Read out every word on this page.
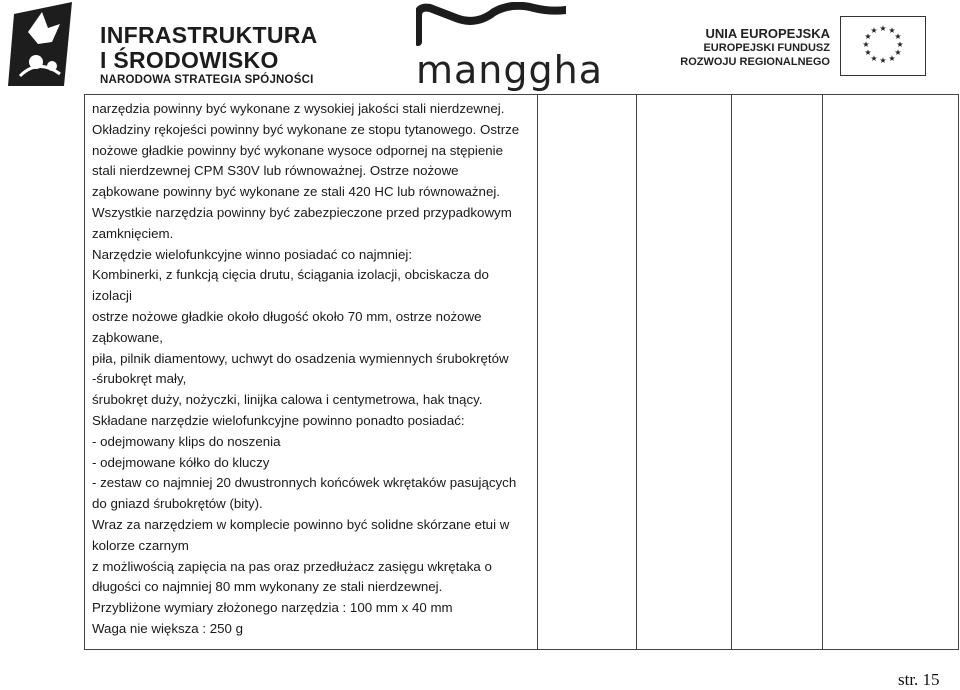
INFRASTRUKTURA
I ŚRODOWISKO
NARODOWA STRATEGIA SPÓJNOŚCI	manggha
UNIA EUROPEJSKA
EUROPEJSKI FUNDUSZ
ROZWOJU REGIONALNEGO
★ ★
★
★
★
★
★
★
★
★
★
★
narzędzia powinny być wykonane z wysokiej jakości stali nierdzewnej.
Okładziny rękojeści powinny być wykonane ze stopu tytanowego. Ostrze
nożowe gładkie powinny być wykonane wysoce odpornej na stępienie
stali nierdzewnej CPM S30V lub równoważnej. Ostrze nożowe
ząbkowane powinny być wykonane ze stali 420 HC lub równoważnej.
Wszystkie narzędzia powinny być zabezpieczone przed przypadkowym
zamknięciem.
Narzędzie wielofunkcyjne winno posiadać co najmniej:
Kombinerki, z funkcją cięcia drutu, ściągania izolacji, obciskacza do
izolacji
ostrze nożowe gładkie około długość około 70 mm, ostrze nożowe
ząbkowane,
piła, pilnik diamentowy, uchwyt do osadzenia wymiennych śrubokrętów
-śrubokręt mały,
śrubokręt duży, nożyczki, linijka calowa i centymetrowa, hak tnący.
Składane narzędzie wielofunkcyjne powinno ponadto posiadać:
- odejmowany klips do noszenia
- odejmowane kółko do kluczy
- zestaw co najmniej 20 dwustronnych końcówek wkrętaków pasujących
do gniazd śrubokrętów (bity).
Wraz za narzędziem w komplecie powinno być solidne skórzane etui w
kolorze czarnym
z możliwością zapięcia na pas oraz przedłużacz zasięgu wkrętaka o
długości co najmniej 80 mm wykonany ze stali nierdzewnej.
Przybliżone wymiary złożonego narzędzia : 100 mm x 40 mm
Waga nie większa : 250 g
str. 15
